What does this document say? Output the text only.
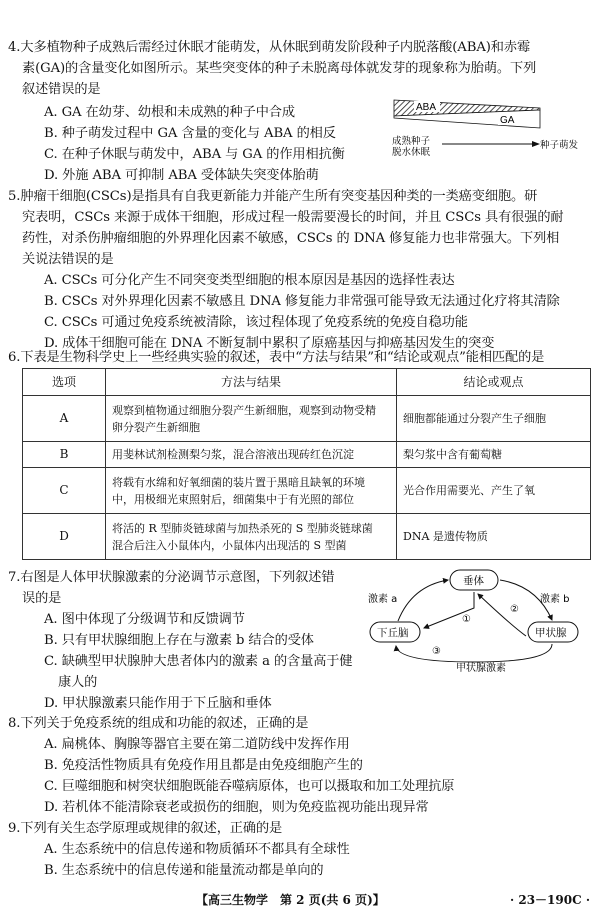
4.大多植物种子成熟后需经过休眠才能萌发，从休眠到萌发阶段种子内脱落酸(ABA)和赤霉
素(GA)的含量变化如图所示。某些突变体的种子未脱离母体就发芽的现象称为胎萌。下列
叙述错误的是
A. GA 在幼芽、幼根和未成熟的种子中合成
B. 种子萌发过程中 GA 含量的变化与 ABA 的相反
C. 在种子休眠与萌发中，ABA 与 GA 的作用相抗衡
D. 外施 ABA 可抑制 ABA 受体缺失突变体胎萌
ABA
GA
成熟种子
脱水休眠
种子萌发
5.肿瘤干细胞(CSCs)是指具有自我更新能力并能产生所有突变基因种类的一类癌变细胞。研
究表明，CSCs 来源于成体干细胞，形成过程一般需要漫长的时间，并且 CSCs 具有很强的耐
药性，对杀伤肿瘤细胞的外界理化因素不敏感，CSCs 的 DNA 修复能力也非常强大。下列相
关说法错误的是
A. CSCs 可分化产生不同突变类型细胞的根本原因是基因的选择性表达
B. CSCs 对外界理化因素不敏感且 DNA 修复能力非常强可能导致无法通过化疗将其清除
C. CSCs 可通过免疫系统被清除，该过程体现了免疫系统的免疫自稳功能
D. 成体干细胞可能在 DNA 不断复制中累积了原癌基因与抑癌基因发生的突变
6.下表是生物科学史上一些经典实验的叙述，表中“方法与结果”和“结论或观点”能相匹配的是
选项	方法与结果	结论或观点
A	观察到植物通过细胞分裂产生新细胞，观察到动物受精
卵分裂产生新细胞	细胞都能通过分裂产生子细胞
B	用斐林试剂检测梨匀浆，混合溶液出现砖红色沉淀	梨匀浆中含有葡萄糖
C	将载有水绵和好氧细菌的装片置于黑暗且缺氧的环境
中，用极细光束照射后，细菌集中于有光照的部位	光合作用需要光、产生了氧
D	将活的 R 型肺炎链球菌与加热杀死的 S 型肺炎链球菌
混合后注入小鼠体内，小鼠体内出现活的 S 型菌	DNA 是遗传物质
7.右图是人体甲状腺激素的分泌调节示意图，下列叙述错
误的是
A. 图中体现了分级调节和反馈调节
B. 只有甲状腺细胞上存在与激素 b 结合的受体
C. 缺碘型甲状腺肿大患者体内的激素 a 的含量高于健
康人的
D. 甲状腺激素只能作用于下丘脑和垂体
垂体
下丘脑	甲状腺
激素 a	激素 b
甲状腺激素
①
②
③
8.下列关于免疫系统的组成和功能的叙述，正确的是
A. 扁桃体、胸腺等器官主要在第二道防线中发挥作用
B. 免疫活性物质具有免疫作用且都是由免疫细胞产生的
C. 巨噬细胞和树突状细胞既能吞噬病原体，也可以摄取和加工处理抗原
D. 若机体不能清除衰老或损伤的细胞，则为免疫监视功能出现异常
9.下列有关生态学原理或规律的叙述，正确的是
A. 生态系统中的信息传递和物质循环不都具有全球性
B. 生态系统中的信息传递和能量流动都是单向的
【高三生物学　第 2 页(共 6 页)】	· 23－190C ·
